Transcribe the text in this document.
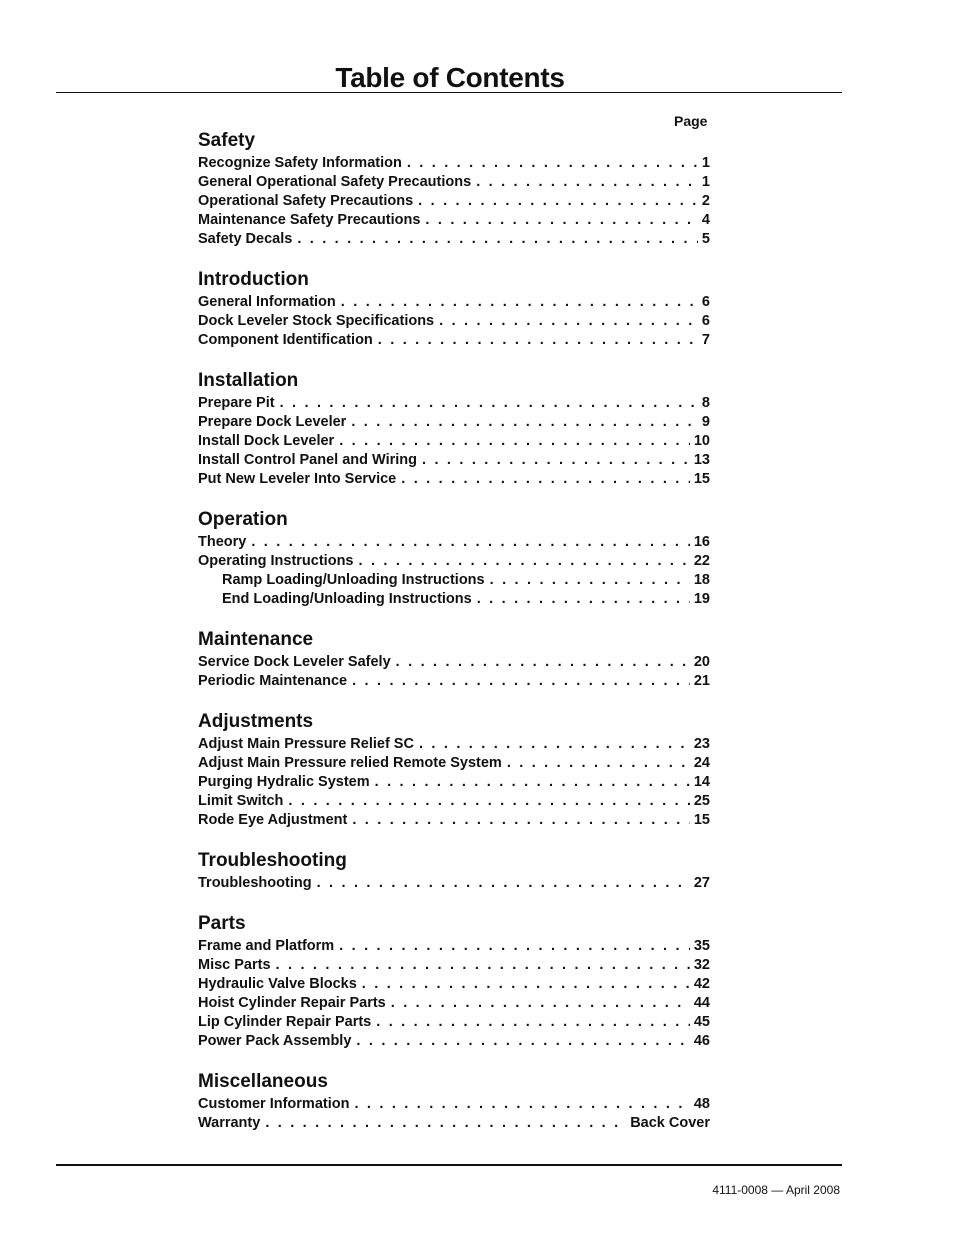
Table of Contents
Page
Safety
Recognize Safety Information . . .	1
General Operational Safety Precautions . . .	1
Operational Safety Precautions . . .	2
Maintenance Safety Precautions . . .	4
Safety Decals . . .	5
Introduction
General Information . . .	6
Dock Leveler Stock Specifications . . .	6
Component Identification . . .	7
Installation
Prepare Pit . . .	8
Prepare Dock Leveler . . .	9
Install Dock Leveler . . .	10
Install Control Panel and Wiring . . .	13
Put New Leveler Into Service . . .	15
Operation
Theory . . .	16
Operating Instructions . . .	22
Ramp Loading/Unloading Instructions . . .	18
End Loading/Unloading Instructions . . .	19
Maintenance
Service Dock Leveler Safely . . .	20
Periodic Maintenance . . .	21
Adjustments
Adjust Main Pressure Relief SC . . .	23
Adjust Main Pressure relied Remote System . . .	24
Purging Hydralic System . . .	14
Limit Switch . . .	25
Rode Eye Adjustment . . .	15
Troubleshooting
Troubleshooting . . .	27
Parts
Frame and Platform . . .	35
Misc Parts . . .	32
Hydraulic Valve Blocks . . .	42
Hoist Cylinder Repair Parts . . .	44
Lip Cylinder Repair Parts . . .	45
Power Pack Assembly . . .	46
Miscellaneous
Customer Information . . .	48
Warranty . . .	Back Cover
4111-0008 — April 2008
